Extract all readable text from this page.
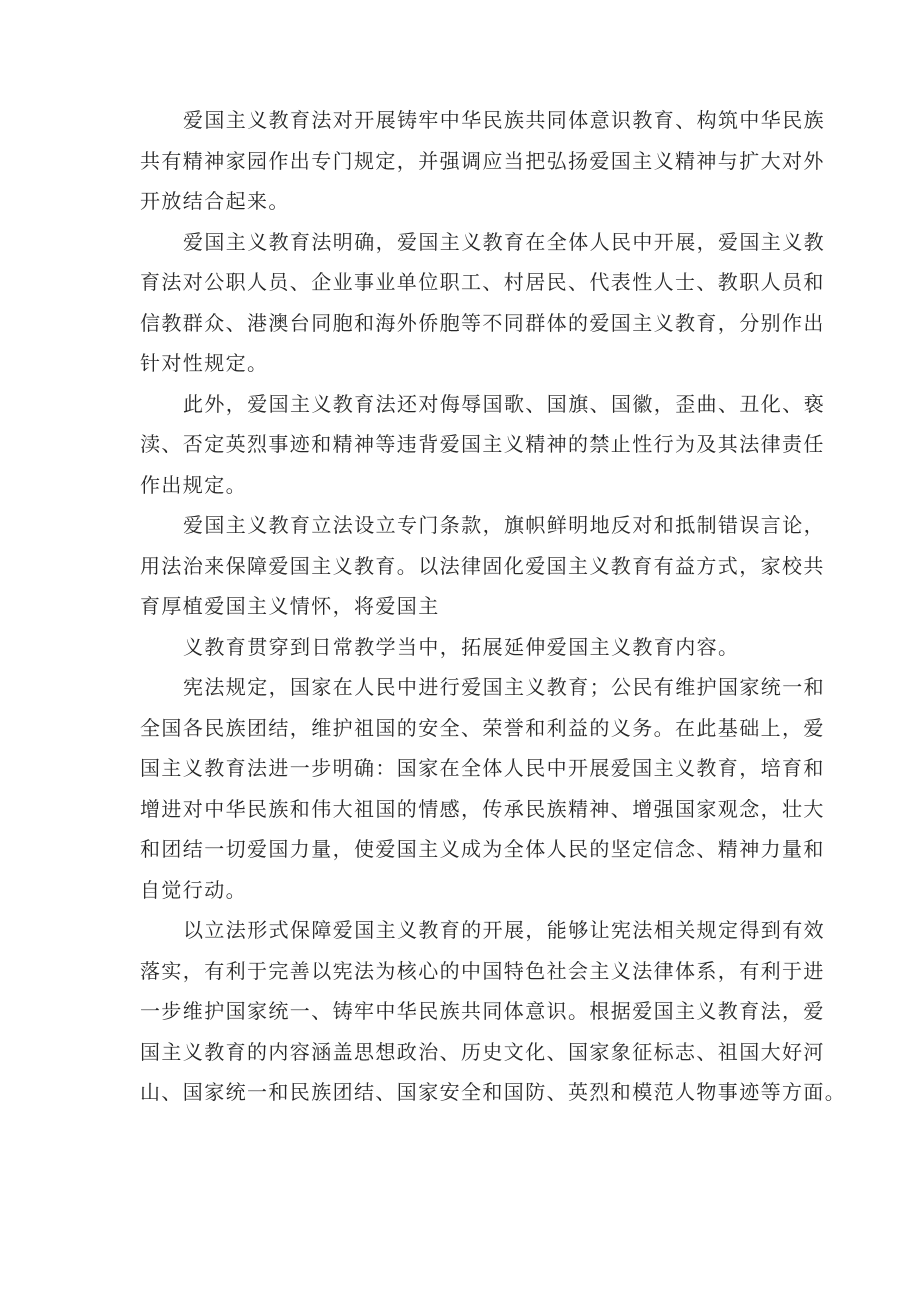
爱国主义教育法对开展铸牢中华民族共同体意识教育、构筑中华民族
共有精神家园作出专门规定，并强调应当把弘扬爱国主义精神与扩大对外
开放结合起来。

爱国主义教育法明确，爱国主义教育在全体人民中开展，爱国主义教
育法对公职人员、企业事业单位职工、村居民、代表性人士、教职人员和
信教群众、港澳台同胞和海外侨胞等不同群体的爱国主义教育，分别作出
针对性规定。

此外，爱国主义教育法还对侮辱国歌、国旗、国徽，歪曲、丑化、亵
渎、否定英烈事迹和精神等违背爱国主义精神的禁止性行为及其法律责任
作出规定。

爱国主义教育立法设立专门条款，旗帜鲜明地反对和抵制错误言论，
用法治来保障爱国主义教育。以法律固化爱国主义教育有益方式，家校共
育厚植爱国主义情怀，将爱国主

义教育贯穿到日常教学当中，拓展延伸爱国主义教育内容。

宪法规定，国家在人民中进行爱国主义教育；公民有维护国家统一和
全国各民族团结，维护祖国的安全、荣誉和利益的义务。在此基础上，爱
国主义教育法进一步明确：国家在全体人民中开展爱国主义教育，培育和
增进对中华民族和伟大祖国的情感，传承民族精神、增强国家观念，壮大
和团结一切爱国力量，使爱国主义成为全体人民的坚定信念、精神力量和
自觉行动。

以立法形式保障爱国主义教育的开展，能够让宪法相关规定得到有效
落实，有利于完善以宪法为核心的中国特色社会主义法律体系，有利于进
一步维护国家统一、铸牢中华民族共同体意识。根据爱国主义教育法，爱
国主义教育的内容涵盖思想政治、历史文化、国家象征标志、祖国大好河
山、国家统一和民族团结、国家安全和国防、英烈和模范人物事迹等方面。
